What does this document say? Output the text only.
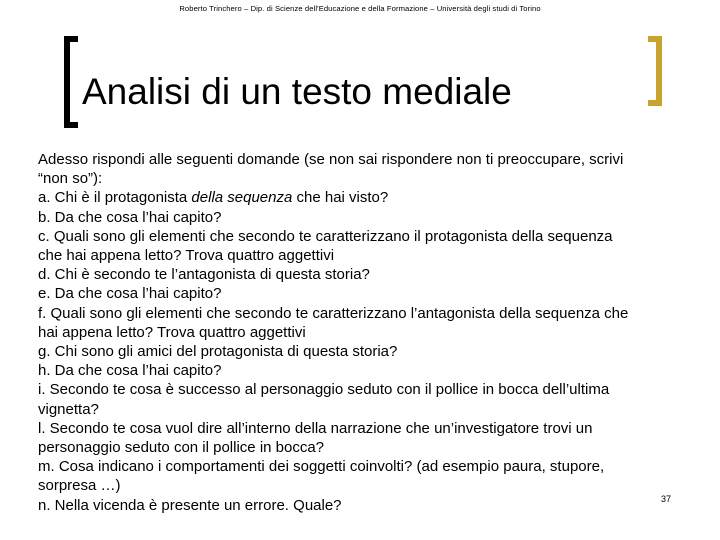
Roberto Trinchero – Dip. di Scienze dell'Educazione e della Formazione – Università degli studi di Torino
Analisi di un testo mediale
Adesso rispondi alle seguenti domande (se non sai rispondere non ti preoccupare, scrivi
“non so”):
a. Chi è il protagonista della sequenza che hai visto?
b. Da che cosa l’hai capito?
c. Quali sono gli elementi che secondo te caratterizzano il protagonista della sequenza
che hai appena letto? Trova quattro aggettivi
d. Chi è secondo te l’antagonista di questa storia?
e. Da che cosa l’hai capito?
f. Quali sono gli elementi che secondo te caratterizzano l’antagonista della sequenza che
hai appena letto? Trova quattro aggettivi
g. Chi sono gli amici del protagonista di questa storia?
h. Da che cosa l’hai capito?
i. Secondo te cosa è successo al personaggio seduto con il pollice in bocca dell’ultima
vignetta?
l. Secondo te cosa vuol dire all’interno della narrazione che un’investigatore trovi un
personaggio seduto con il pollice in bocca?
m. Cosa indicano i comportamenti dei soggetti coinvolti? (ad esempio paura, stupore,
sorpresa …)
n. Nella vicenda è presente un errore. Quale?	37
